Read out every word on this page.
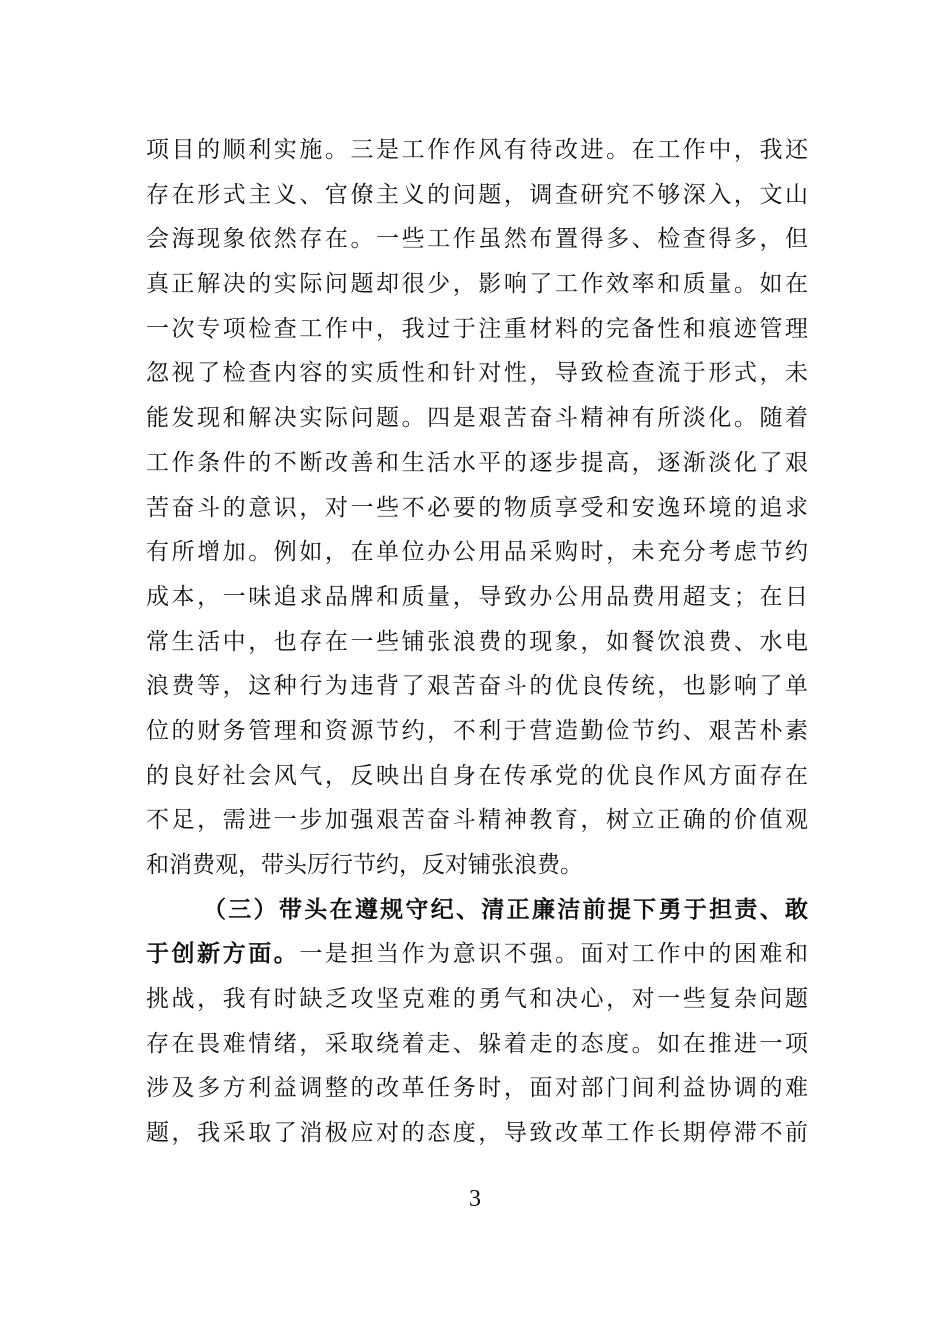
项目的顺利实施。三是工作作风有待改进。在工作中，我还
存在形式主义、官僚主义的问题，调查研究不够深入，文山
会海现象依然存在。一些工作虽然布置得多、检查得多，但
真正解决的实际问题却很少，影响了工作效率和质量。如在
一次专项检查工作中，我过于注重材料的完备性和痕迹管理
忽视了检查内容的实质性和针对性，导致检查流于形式，未
能发现和解决实际问题。四是艰苦奋斗精神有所淡化。随着
工作条件的不断改善和生活水平的逐步提高，逐渐淡化了艰
苦奋斗的意识，对一些不必要的物质享受和安逸环境的追求
有所增加。例如，在单位办公用品采购时，未充分考虑节约
成本，一味追求品牌和质量，导致办公用品费用超支；在日
常生活中，也存在一些铺张浪费的现象，如餐饮浪费、水电
浪费等，这种行为违背了艰苦奋斗的优良传统，也影响了单
位的财务管理和资源节约，不利于营造勤俭节约、艰苦朴素
的良好社会风气，反映出自身在传承党的优良作风方面存在
不足，需进一步加强艰苦奋斗精神教育，树立正确的价值观
和消费观，带头厉行节约，反对铺张浪费。
（三）带头在遵规守纪、清正廉洁前提下勇于担责、敢
于创新方面。一是担当作为意识不强。面对工作中的困难和
挑战，我有时缺乏攻坚克难的勇气和决心，对一些复杂问题
存在畏难情绪，采取绕着走、躲着走的态度。如在推进一项
涉及多方利益调整的改革任务时，面对部门间利益协调的难
题，我采取了消极应对的态度，导致改革工作长期停滞不前
3
